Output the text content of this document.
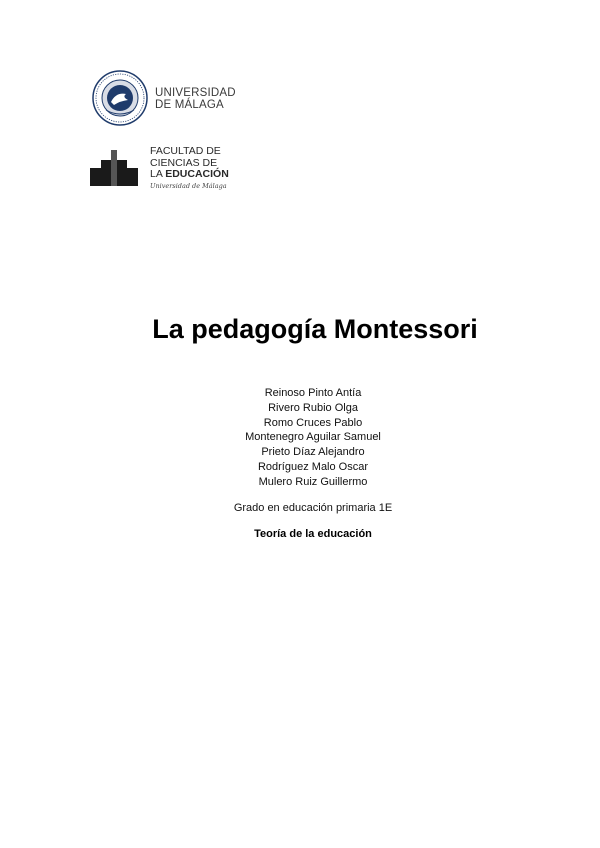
UNIVERSIDAD
DE MÁLAGA
FACULTAD DE
CIENCIAS DE
LA EDUCACIÓN
Universidad de Málaga
La pedagogía Montessori
Reinoso Pinto Antía
Rivero Rubio Olga
Romo Cruces Pablo
Montenegro Aguilar Samuel
Prieto Díaz Alejandro
Rodríguez Malo Oscar
Mulero Ruiz Guillermo
Grado en educación primaria 1E
Teoría de la educación
